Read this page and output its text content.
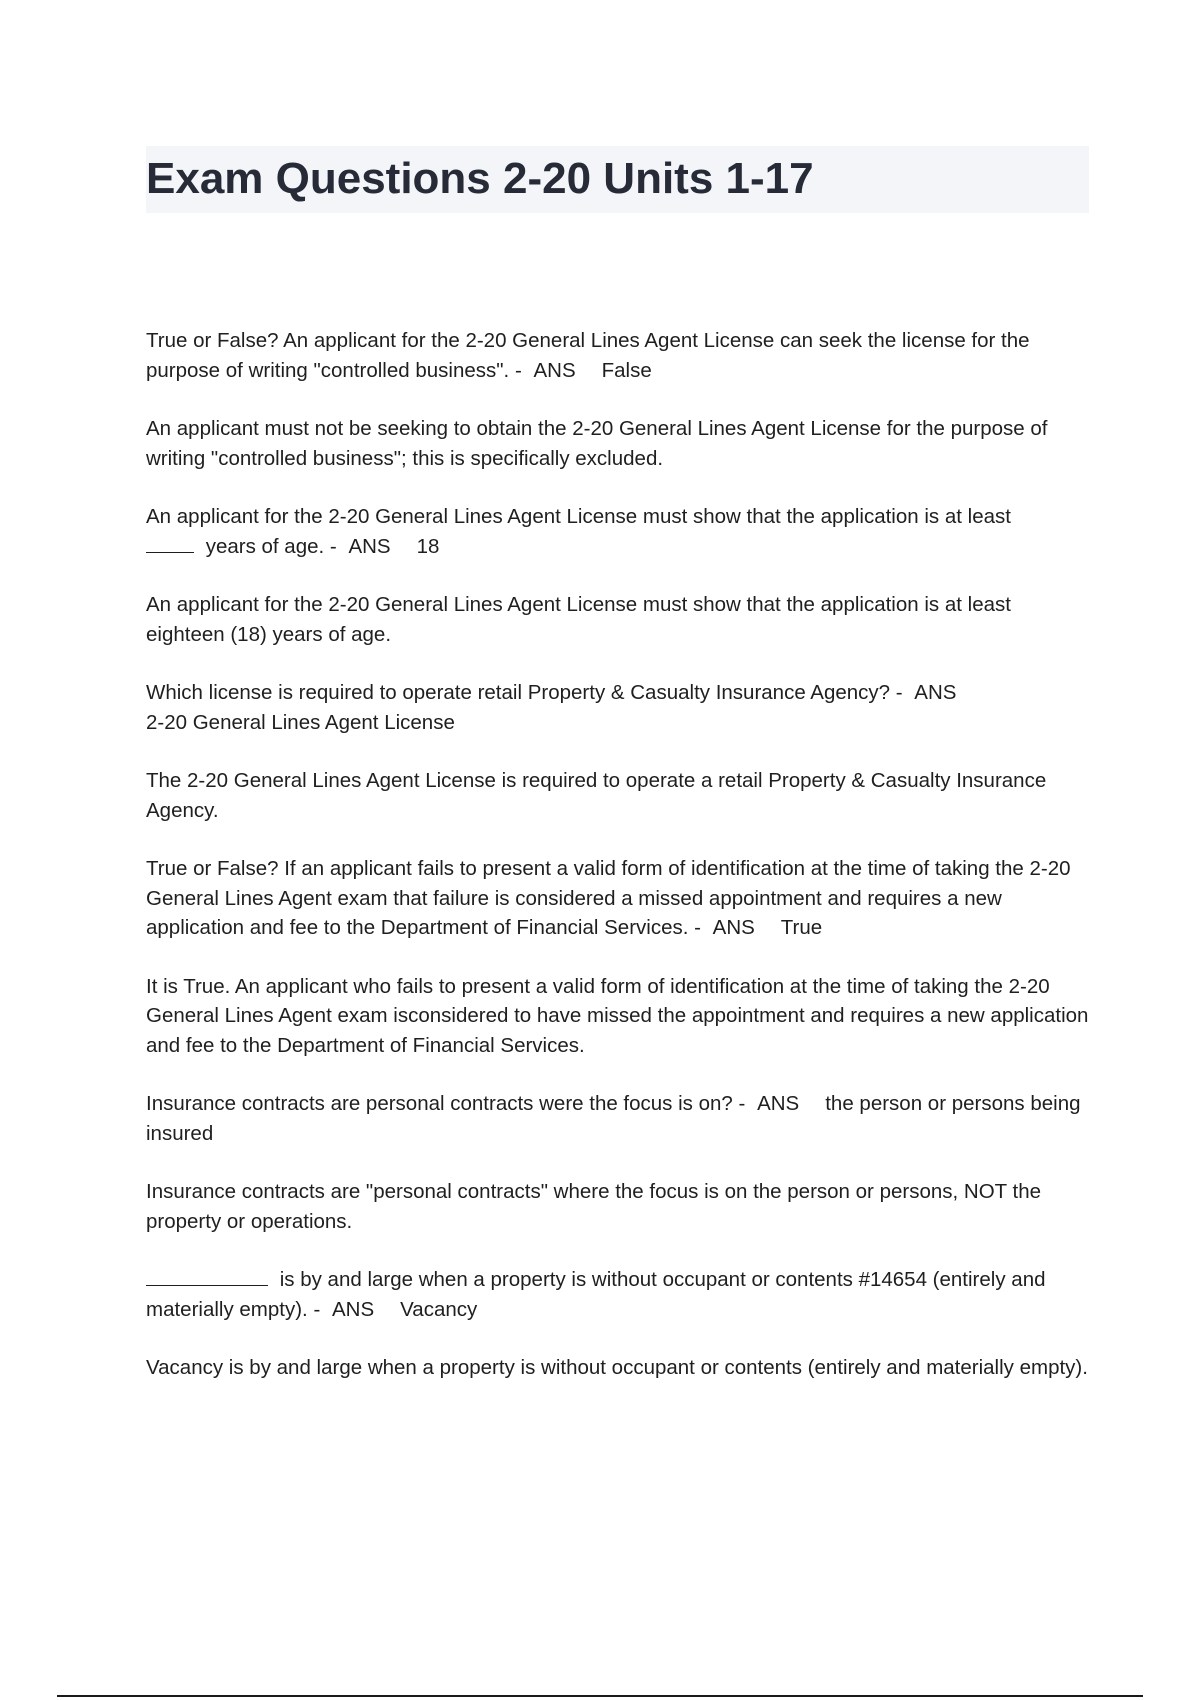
Exam Questions 2-20 Units 1-17

True or False? An applicant for the 2-20 General Lines Agent License can seek the license for the purpose of writing "controlled business". - ANS False

An applicant must not be seeking to obtain the 2-20 General Lines Agent License for the purpose of writing "controlled business"; this is specifically excluded.

An applicant for the 2-20 General Lines Agent License must show that the application is at least
years of age. - ANS 18

An applicant for the 2-20 General Lines Agent License must show that the application is at least eighteen (18) years of age.

Which license is required to operate retail Property & Casualty Insurance Agency? - ANS
2-20 General Lines Agent License

The 2-20 General Lines Agent License is required to operate a retail Property & Casualty Insurance Agency.

True or False? If an applicant fails to present a valid form of identification at the time of taking the 2-20 General Lines Agent exam that failure is considered a missed appointment and requires a new application and fee to the Department of Financial Services. - ANS True

It is True. An applicant who fails to present a valid form of identification at the time of taking the 2-20 General Lines Agent exam isconsidered to have missed the appointment and requires a new application and fee to the Department of Financial Services.

Insurance contracts are personal contracts were the focus is on? - ANS the person or persons being insured

Insurance contracts are "personal contracts" where the focus is on the person or persons, NOT the property or operations.

is by and large when a property is without occupant or contents #14654 (entirely and materially empty). - ANS Vacancy

Vacancy is by and large when a property is without occupant or contents (entirely and materially empty).
